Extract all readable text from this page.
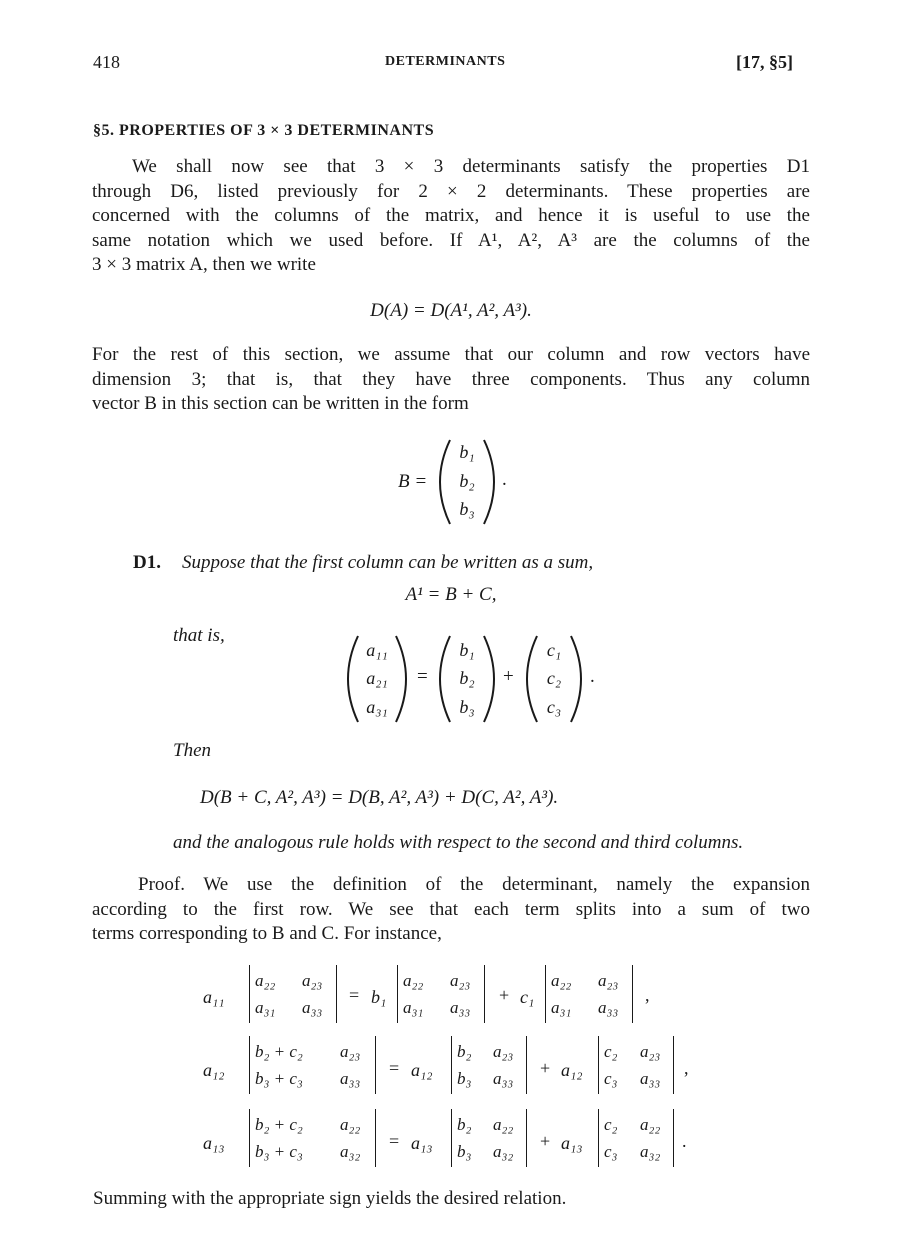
418	DETERMINANTS	[17, §5]
§5. PROPERTIES OF 3 × 3 DETERMINANTS
We shall now see that 3 × 3 determinants satisfy the properties D1
through D6, listed previously for 2 × 2 determinants. These properties are
concerned with the columns of the matrix, and hence it is useful to use the
same notation which we used before. If A¹, A², A³ are the columns of the
3 × 3 matrix A, then we write
D(A) = D(A¹, A², A³).
For the rest of this section, we assume that our column and row vectors have
dimension 3; that is, that they have three components. Thus any column
vector B in this section can be written in the form
B =
b₁
b₂
b₃
.
D1. Suppose that the first column can be written as a sum,
A¹ = B + C,
that is,
a₁₁
a₂₁
a₃₁
=
b₁
b₂
b₃
+
c₁
c₂
c₃
.
Then
D(B + C, A², A³) = D(B, A², A³) + D(C, A², A³).
and the analogous rule holds with respect to the second and third columns.
Proof. We use the definition of the determinant, namely the expansion
according to the first row. We see that each term splits into a sum of two
terms corresponding to B and C. For instance,
a₁₁
a₂₂ a₂₃
a₃₁ a₃₃
= b₁
a₂₂ a₂₃
a₃₁ a₃₃
+ c₁
a₂₂ a₂₃
a₃₁ a₃₃
,
a₁₂
b₂ + c₂ a₂₃
b₃ + c₃ a₃₃
= a₁₂
b₂ a₂₃
b₃ a₃₃
+ a₁₂
c₂ a₂₃
c₃ a₃₃
,
a₁₃
b₂ + c₂ a₂₂
b₃ + c₃ a₃₂
= a₁₃
b₂ a₂₂
b₃ a₃₂
+ a₁₃
c₂ a₂₂
c₃ a₃₂
.
Summing with the appropriate sign yields the desired relation.
